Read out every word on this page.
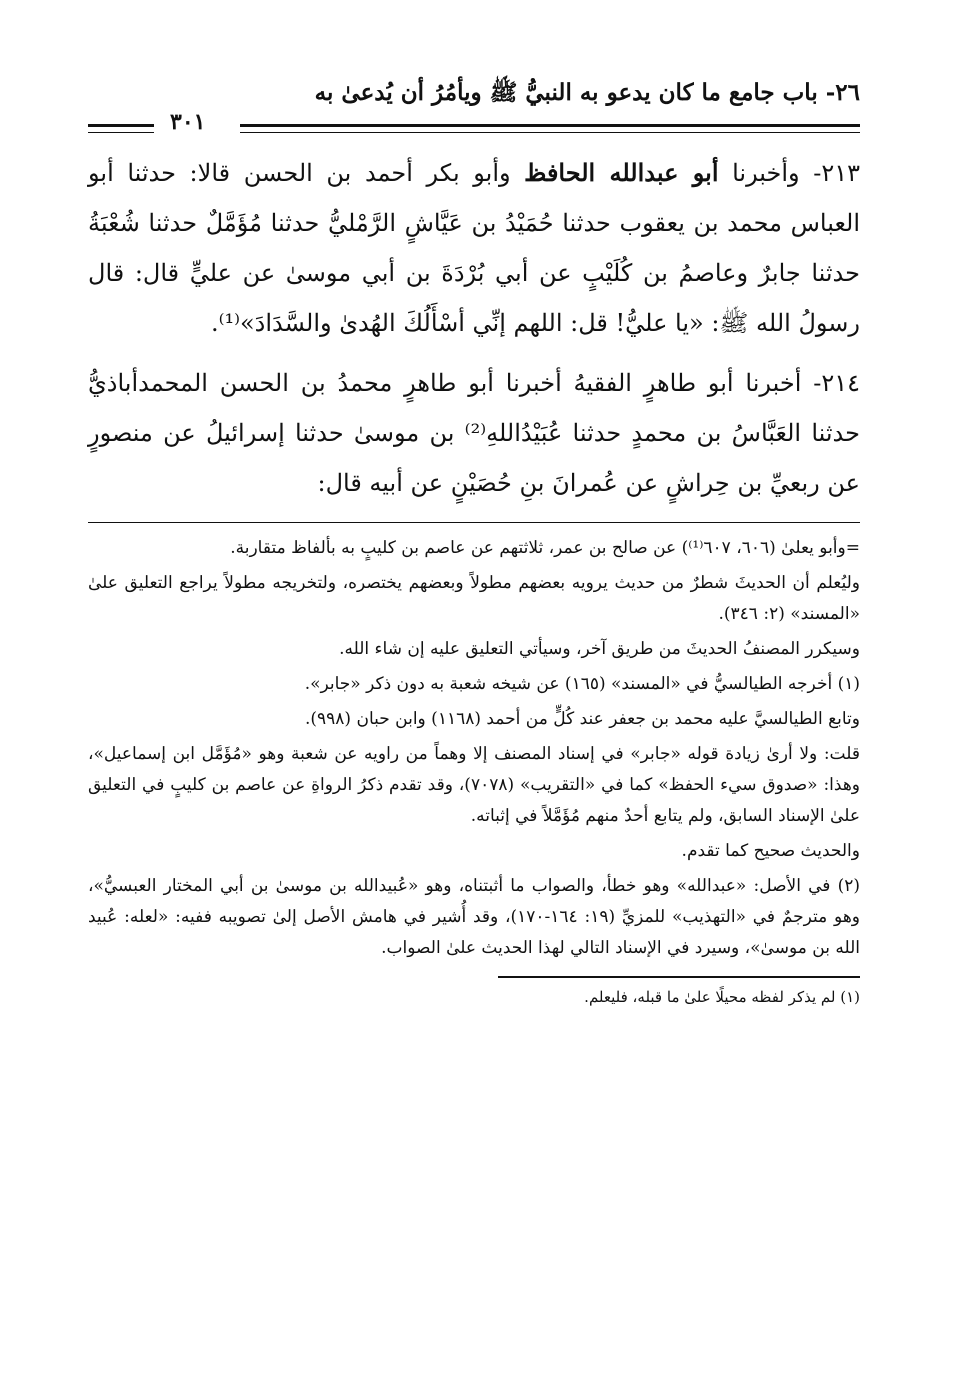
٢٦- باب جامع ما كان يدعو به النبيُّ ﷺ ويأمُرُ أن يُدعىٰ به
٣٠١
٢١٣- وأخبرنا أبو عبدالله الحافظ وأبو بكر أحمد بن الحسن قالا: حدثنا أبو العباس محمد بن يعقوب حدثنا حُمَيْدُ بن عَيَّاشٍ الرَّمْليُّ حدثنا مُؤَمَّلٌ حدثنا شُعْبَةُ حدثنا جابرٌ وعاصمُ بن كُلَيْبٍ عن أبي بُرْدَةَ بن أبي موسىٰ عن عليٍّ قال: قال رسولُ الله ﷺ: «يا عليُّ! قل: اللهم إنِّي أسْأَلُكَ الهُدىٰ والسَّدَادَ»⁽¹⁾.
٢١٤- أخبرنا أبو طاهرٍ الفقيهُ أخبرنا أبو طاهرٍ محمدُ بن الحسن المحمدأباذيُّ حدثنا العَبَّاسُ بن محمدٍ حدثنا عُبَيْدُاللهِ⁽²⁾ بن موسىٰ حدثنا إسرائيلُ عن منصورٍ عن ربعيِّ بن حِراشٍ عن عُمرانَ بنِ حُصَيْنٍ عن أبيه قال:

=وأبو يعلىٰ (٦٠٦، ٦٠٧⁽¹⁾) عن صالح بن عمر، ثلاثتهم عن عاصم بن كليبٍ به بألفاظ متقاربة.

وليُعلم أن الحديثَ شطرٌ من حديث يرويه بعضهم مطولاً وبعضهم يختصره، ولتخريجه مطولاً يراجع التعليق علىٰ «المسند» (٢: ٣٤٦).

وسيكرر المصنفُ الحديثَ من طريق آخر، وسيأتي التعليق عليه إن شاء الله.

(١) أخرجه الطيالسيُّ في «المسند» (١٦٥) عن شيخه شعبة به دون ذكر «جابر».

وتابع الطيالسيَّ عليه محمد بن جعفر عند كُلٍّ من أحمد (١١٦٨) وابن حبان (٩٩٨).

قلت: ولا أرىٰ زيادة قوله «جابر» في إسناد المصنف إلا وهماً من راويه عن شعبة وهو «مُؤَمَّل ابن إسماعيل»، وهذا: «صدوق سيء الحفظ» كما في «التقريب» (٧٠٧٨)، وقد تقدم ذكرُ الرواةِ عن عاصم بن كليبٍ في التعليق علىٰ الإسناد السابق، ولم يتابع أحدٌ منهم مُؤَمَّلاً في إثباته.

والحديث صحيح كما تقدم.

(٢) في الأصل: «عبدالله» وهو خطأ، والصواب ما أثبتناه، وهو «عُبيدالله بن موسىٰ بن أبي المختار العبسيُّ»، وهو مترجمٌ في «التهذيب» للمزيِّ (١٩: ١٦٤-١٧٠)، وقد أُشير في هامش الأصل إلىٰ تصويبه ففيه: «لعله: عُبيد الله بن موسىٰ»، وسيرد في الإسناد التالي لهذا الحديث علىٰ الصواب.

(١) لم يذكر لفظه محيلًا علىٰ ما قبله، فليعلم.
